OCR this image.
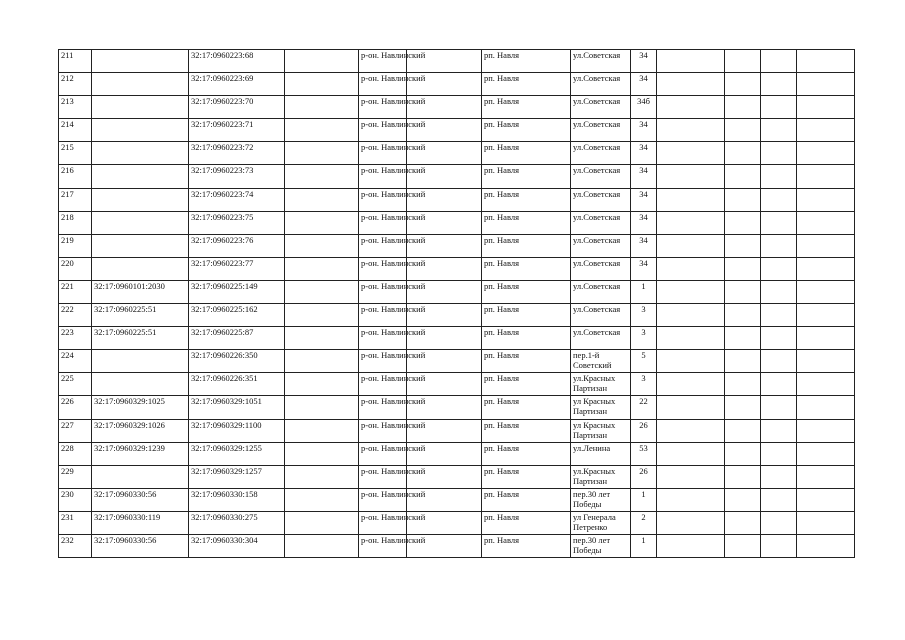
211		32:17:0960223:68		р-он. Навлинский		рп. Навля	ул.Советская	34				
212		32:17:0960223:69		р-он. Навлинский		рп. Навля	ул.Советская	34				
213		32:17:0960223:70		р-он. Навлинский		рп. Навля	ул.Советская	34б				
214		32:17:0960223:71		р-он. Навлинский		рп. Навля	ул.Советская	34				
215		32:17:0960223:72		р-он. Навлинский		рп. Навля	ул.Советская	34				
216		32:17:0960223:73		р-он. Навлинский		рп. Навля	ул.Советская	34				
217		32:17:0960223:74		р-он. Навлинский		рп. Навля	ул.Советская	34				
218		32:17:0960223:75		р-он. Навлинский		рп. Навля	ул.Советская	34				
219		32:17:0960223:76		р-он. Навлинский		рп. Навля	ул.Советская	34				
220		32:17:0960223:77		р-он. Навлинский		рп. Навля	ул.Советская	34				
221	32:17:0960101:2030	32:17:0960225:149		р-он. Навлинский		рп. Навля	ул.Советская	1				
222	32:17:0960225:51	32:17:0960225:162		р-он. Навлинский		рп. Навля	ул.Советская	3				
223	32:17:0960225:51	32:17:0960225:87		р-он. Навлинский		рп. Навля	ул.Советская	3				
224		32:17:0960226:350		р-он. Навлинский		рп. Навля	пер.1-й Советский	5				
225		32:17:0960226:351		р-он. Навлинский		рп. Навля	ул.Красных Партизан	3				
226	32:17:0960329:1025	32:17:0960329:1051		р-он. Навлинский		рп. Навля	ул Красных Партизан	22				
227	32:17:0960329:1026	32:17:0960329:1100		р-он. Навлинский		рп. Навля	ул Красных Партизан	26				
228	32:17:0960329:1239	32:17:0960329:1255		р-он. Навлинский		рп. Навля	ул.Ленина	53				
229		32:17:0960329:1257		р-он. Навлинский		рп. Навля	ул.Красных Партизан	26				
230	32:17:0960330:56	32:17:0960330:158		р-он. Навлинский		рп. Навля	пер.30 лет Победы	1				
231	32:17:0960330:119	32:17:0960330:275		р-он. Навлинский		рп. Навля	ул Генерала Петренко	2				
232	32:17:0960330:56	32:17:0960330:304		р-он. Навлинский		рп. Навля	пер.30 лет Победы	1				
